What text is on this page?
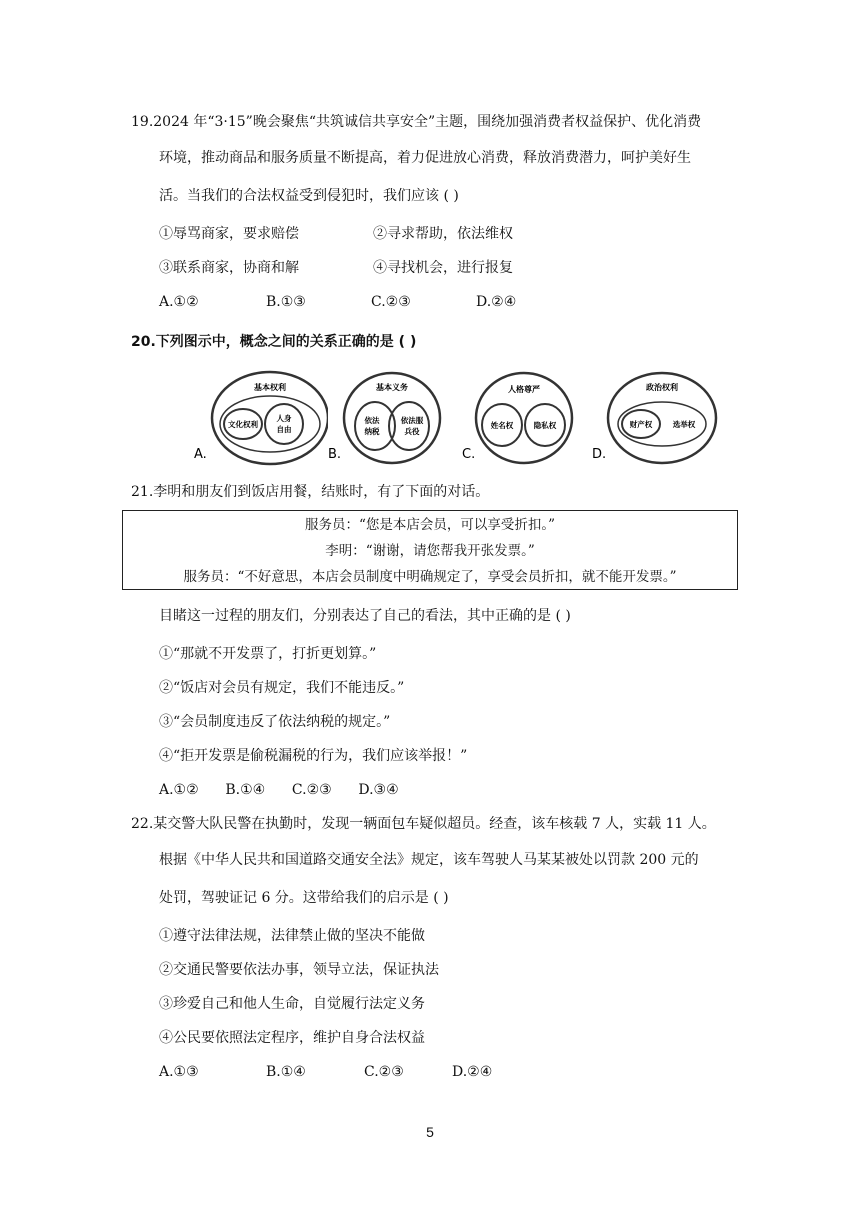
19.2024 年“3·15”晚会聚焦“共筑诚信共享安全”主题，围绕加强消费者权益保护、优化消费
环境，推动商品和服务质量不断提高，着力促进放心消费，释放消费潜力，呵护美好生
活。当我们的合法权益受到侵犯时，我们应该 ( )
①辱骂商家，要求赔偿	②寻求帮助，依法维权
③联系商家，协商和解	④寻找机会，进行报复
A.①②	B.①③	C.②③	D.②④
20.下列图示中，概念之间的关系正确的是 ( )
基本权利
文化权利
人身
自由
A.
基本义务
依法
纳税
依法服
兵役
B.
人格尊严
姓名权	隐私权
C.
政治权利
财产权	选举权
D.
21.李明和朋友们到饭店用餐，结账时，有了下面的对话。
服务员：“您是本店会员，可以享受折扣。”
李明：“谢谢，请您帮我开张发票。”
服务员：“不好意思，本店会员制度中明确规定了，享受会员折扣，就不能开发票。”
目睹这一过程的朋友们，分别表达了自己的看法，其中正确的是 ( )
①“那就不开发票了，打折更划算。”
②“饭店对会员有规定，我们不能违反。”
③“会员制度违反了依法纳税的规定。”
④“拒开发票是偷税漏税的行为，我们应该举报！”
A.①②      B.①④      C.②③      D.③④
22.某交警大队民警在执勤时，发现一辆面包车疑似超员。经查，该车核载 7 人，实载 11 人。
根据《中华人民共和国道路交通安全法》规定，该车驾驶人马某某被处以罚款 200 元的
处罚，驾驶证记 6 分。这带给我们的启示是 ( )
①遵守法律法规，法律禁止做的坚决不能做
②交通民警要依法办事，领导立法，保证执法
③珍爱自己和他人生命，自觉履行法定义务
④公民要依照法定程序，维护自身合法权益
A.①③	B.①④	C.②③	D.②④
5
